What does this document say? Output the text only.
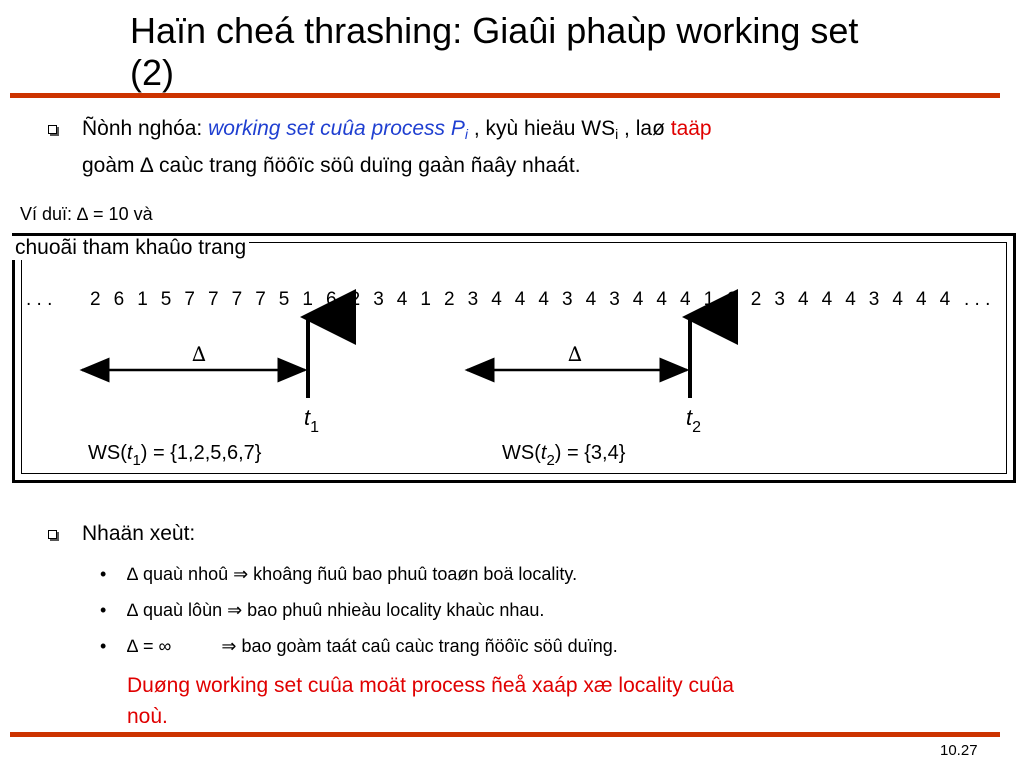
Haïn cheá thrashing: Giaûi phaùp working set
(2)
Ñònh nghóa: working set cuûa process $P_i$ , kyù hieäu $WS_i$ , laø taäp
goàm ∆ caùc trang ñöôïc söû duïng gaàn ñaây nhaát.
Ví duï: ∆ = 10 và
chuoãi tham khaûo trang
. . .	. . .
2 6 1 5 7 7 7 7 5 1 6 2 3 4 1 2 3 4 4 4 3 4 3 4 4 4 1 3 2 3 4 4 4 3 4 4 4
∆
$t_1$
$WS(t_1) = \{1,2,5,6,7\}$
∆
$t_2$
$WS(t_2) = \{3,4\}$
Nhaän xeùt:
• ∆ quaù nhoû ⇒ khoâng ñuû bao phuû toaøn boä locality.
• ∆ quaù lôùn ⇒ bao phuû nhieàu locality khaùc nhau.
• ∆ = ∞          ⇒ bao goàm taát caû caùc trang ñöôïc söû duïng.
Duøng working set cuûa moät process ñeå xaáp xæ locality cuûa
noù.
10.27
